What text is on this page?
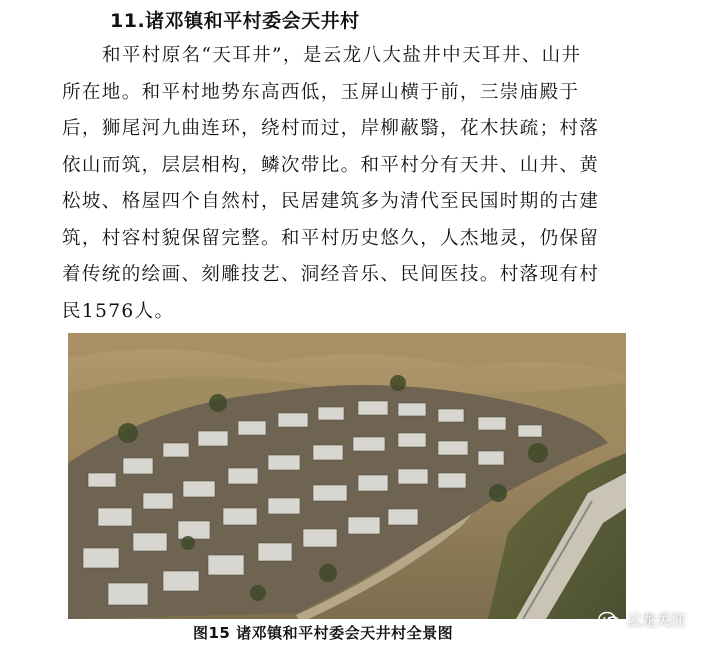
11.诸邓镇和平村委会天井村
和平村原名“天耳井”，是云龙八大盐井中天耳井、山井
所在地。和平村地势东高西低，玉屏山横于前，三崇庙殿于
后，狮尾河九曲连环，绕村而过，岸柳蔽翳，花木扶疏；村落
依山而筑，层层相构，鳞次带比。和平村分有天井、山井、黄
松坡、格屋四个自然村，民居建筑多为清代至民国时期的古建
筑，村容村貌保留完整。和平村历史悠久，人杰地灵，仍保留
着传统的绘画、刻雕技艺、洞经音乐、民间医技。村落现有村
民1576人。
图15 诸邓镇和平村委会天井村全景图
云龙关注
